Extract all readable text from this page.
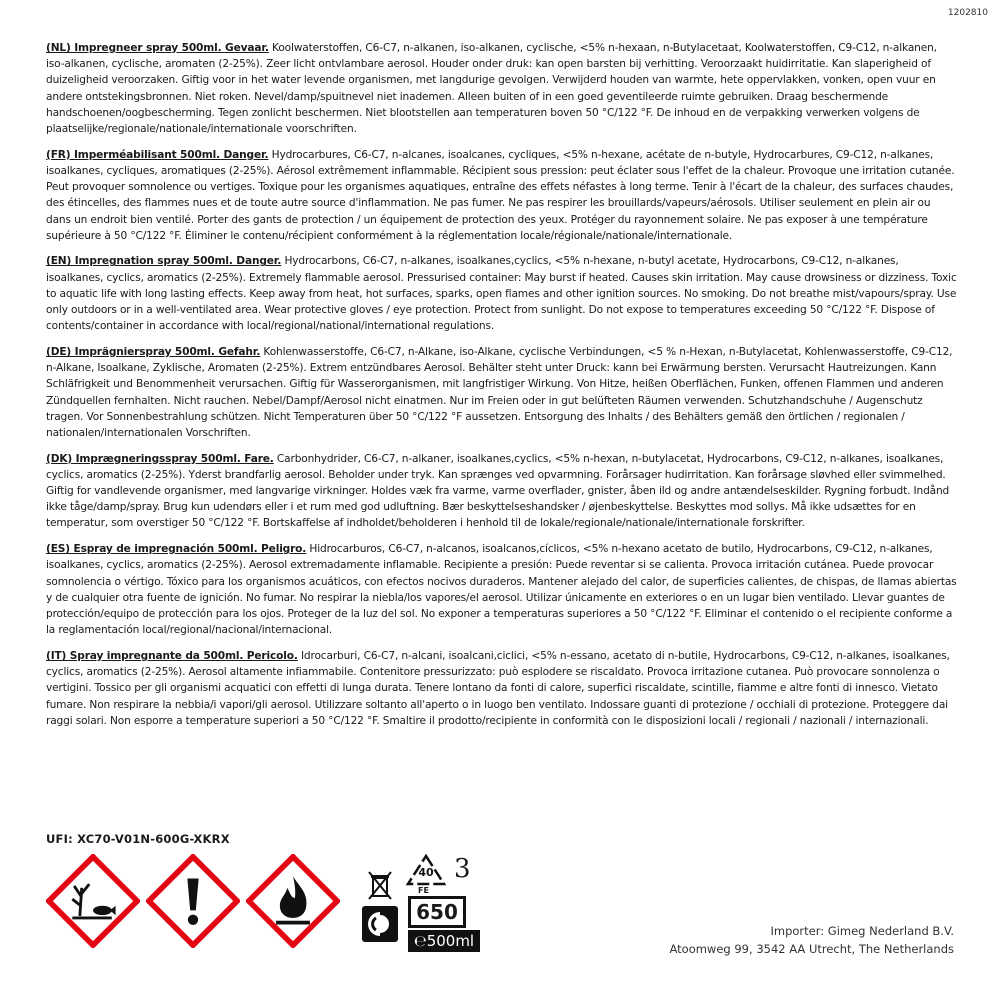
1202810

(NL) Impregneer spray 500ml. Gevaar. Koolwaterstoffen, C6-C7, n-alkanen, iso-alkanen, cyclische, <5% n-hexaan, n-Butylacetaat, Koolwaterstoffen, C9-C12, n-alkanen, iso-alkanen, cyclische, aromaten (2-25%). Zeer licht ontvlambare aerosol. Houder onder druk: kan open barsten bij verhitting. Veroorzaakt huidirritatie. Kan slaperigheid of duizeligheid veroorzaken. Giftig voor in het water levende organismen, met langdurige gevolgen. Verwijderd houden van warmte, hete oppervlakken, vonken, open vuur en andere ontstekingsbronnen. Niet roken. Nevel/damp/spuitnevel niet inademen. Alleen buiten of in een goed geventileerde ruimte gebruiken. Draag beschermende handschoenen/oogbescherming. Tegen zonlicht beschermen. Niet blootstellen aan temperaturen boven 50 °C/122 °F. De inhoud en de verpakking verwerken volgens de plaatselijke/regionale/nationale/internationale voorschriften.

(FR) Imperméabilisant 500ml. Danger. Hydrocarbures, C6-C7, n-alcanes, isoalcanes, cycliques, <5% n-hexane, acétate de n-butyle, Hydrocarbures, C9-C12, n-alkanes, isoalkanes, cycliques, aromatiques (2-25%). Aérosol extrêmement inflammable. Récipient sous pression: peut éclater sous l'effet de la chaleur. Provoque une irritation cutanée. Peut provoquer somnolence ou vertiges. Toxique pour les organismes aquatiques, entraîne des effets néfastes à long terme. Tenir à l'écart de la chaleur, des surfaces chaudes, des étincelles, des flammes nues et de toute autre source d'inflammation. Ne pas fumer. Ne pas respirer les brouillards/vapeurs/aérosols. Utiliser seulement en plein air ou dans un endroit bien ventilé. Porter des gants de protection / un équipement de protection des yeux. Protéger du rayonnement solaire. Ne pas exposer à une température supérieure à 50 °C/122 °F. Éliminer le contenu/récipient conformément à la réglementation locale/régionale/nationale/internationale.

(EN) Impregnation spray 500ml. Danger. Hydrocarbons, C6-C7, n-alkanes, isoalkanes,cyclics, <5% n-hexane, n-butyl acetate, Hydrocarbons, C9-C12, n-alkanes, isoalkanes, cyclics, aromatics (2-25%). Extremely flammable aerosol. Pressurised container: May burst if heated. Causes skin irritation. May cause drowsiness or dizziness. Toxic to aquatic life with long lasting effects. Keep away from heat, hot surfaces, sparks, open flames and other ignition sources. No smoking. Do not breathe mist/vapours/spray. Use only outdoors or in a well-ventilated area. Wear protective gloves / eye protection. Protect from sunlight. Do not expose to temperatures exceeding 50 °C/122 °F. Dispose of contents/container in accordance with local/regional/national/international regulations.

(DE) Imprägnierspray 500ml. Gefahr. Kohlenwasserstoffe, C6-C7, n-Alkane, iso-Alkane, cyclische Verbindungen, <5 % n-Hexan, n-Butylacetat, Kohlenwasserstoffe, C9-C12, n-Alkane, Isoalkane, Zyklische, Aromaten (2-25%). Extrem entzündbares Aerosol. Behälter steht unter Druck: kann bei Erwärmung bersten. Verursacht Hautreizungen. Kann Schläfrigkeit und Benommenheit verursachen. Giftig für Wasserorganismen, mit langfristiger Wirkung. Von Hitze, heißen Oberflächen, Funken, offenen Flammen und anderen Zündquellen fernhalten. Nicht rauchen. Nebel/Dampf/Aerosol nicht einatmen. Nur im Freien oder in gut belüfteten Räumen verwenden. Schutzhandschuhe / Augenschutz tragen. Vor Sonnenbestrahlung schützen. Nicht Temperaturen über 50 °C/122 °F aussetzen. Entsorgung des Inhalts / des Behälters gemäß den örtlichen / regionalen / nationalen/internationalen Vorschriften.

(DK) Imprægneringsspray 500ml. Fare. Carbonhydrider, C6-C7, n-alkaner, isoalkanes,cyclics, <5% n-hexan, n-butylacetat, Hydrocarbons, C9-C12, n-alkanes, isoalkanes, cyclics, aromatics (2-25%). Yderst brandfarlig aerosol. Beholder under tryk. Kan sprænges ved opvarmning. Forårsager hudirritation. Kan forårsage sløvhed eller svimmelhed. Giftig for vandlevende organismer, med langvarige virkninger. Holdes væk fra varme, varme overflader, gnister, åben ild og andre antændelseskilder. Rygning forbudt. Indånd ikke tåge/damp/spray. Brug kun udendørs eller i et rum med god udluftning. Bær beskyttelseshandsker / øjenbeskyttelse. Beskyttes mod sollys. Må ikke udsættes for en temperatur, som overstiger 50 °C/122 °F. Bortskaffelse af indholdet/beholderen i henhold til de lokale/regionale/nationale/internationale forskrifter.

(ES) Espray de impregnación 500ml. Peligro. Hidrocarburos, C6-C7, n-alcanos, isoalcanos,cíclicos, <5% n-hexano acetato de butilo, Hydrocarbons, C9-C12, n-alkanes, isoalkanes, cyclics, aromatics (2-25%). Aerosol extremadamente inflamable. Recipiente a presión: Puede reventar si se calienta. Provoca irritación cutánea. Puede provocar somnolencia o vértigo. Tóxico para los organismos acuáticos, con efectos nocivos duraderos. Mantener alejado del calor, de superficies calientes, de chispas, de llamas abiertas y de cualquier otra fuente de ignición. No fumar. No respirar la niebla/los vapores/el aerosol. Utilizar únicamente en exteriores o en un lugar bien ventilado. Llevar guantes de protección/equipo de protección para los ojos. Proteger de la luz del sol. No exponer a temperaturas superiores a 50 °C/122 °F. Eliminar el contenido o el recipiente conforme a la reglamentación local/regional/nacional/internacional.

(IT) Spray impregnante da 500ml. Pericolo. Idrocarburi, C6-C7, n-alcani, isoalcani,ciclici, <5% n-essano, acetato di n-butile, Hydrocarbons, C9-C12, n-alkanes, isoalkanes, cyclics, aromatics (2-25%). Aerosol altamente infiammabile. Contenitore pressurizzato: può esplodere se riscaldato. Provoca irritazione cutanea. Può provocare sonnolenza o vertigini. Tossico per gli organismi acquatici con effetti di lunga durata. Tenere lontano da fonti di calore, superfici riscaldate, scintille, fiamme e altre fonti di innesco. Vietato fumare. Non respirare la nebbia/i vapori/gli aerosol. Utilizzare soltanto all'aperto o in luogo ben ventilato. Indossare guanti di protezione / occhiali di protezione. Proteggere dai raggi solari. Non esporre a temperature superiori a 50 °C/122 °F. Smaltire il prodotto/recipiente in conformità con le disposizioni locali / regionali / nazionali / internazionali.

UFI: XC70-V01N-600G-XKRX
40
FE
3
650
℮500ml
Importer: Gimeg Nederland B.V.
Atoomweg 99, 3542 AA Utrecht, The Netherlands
